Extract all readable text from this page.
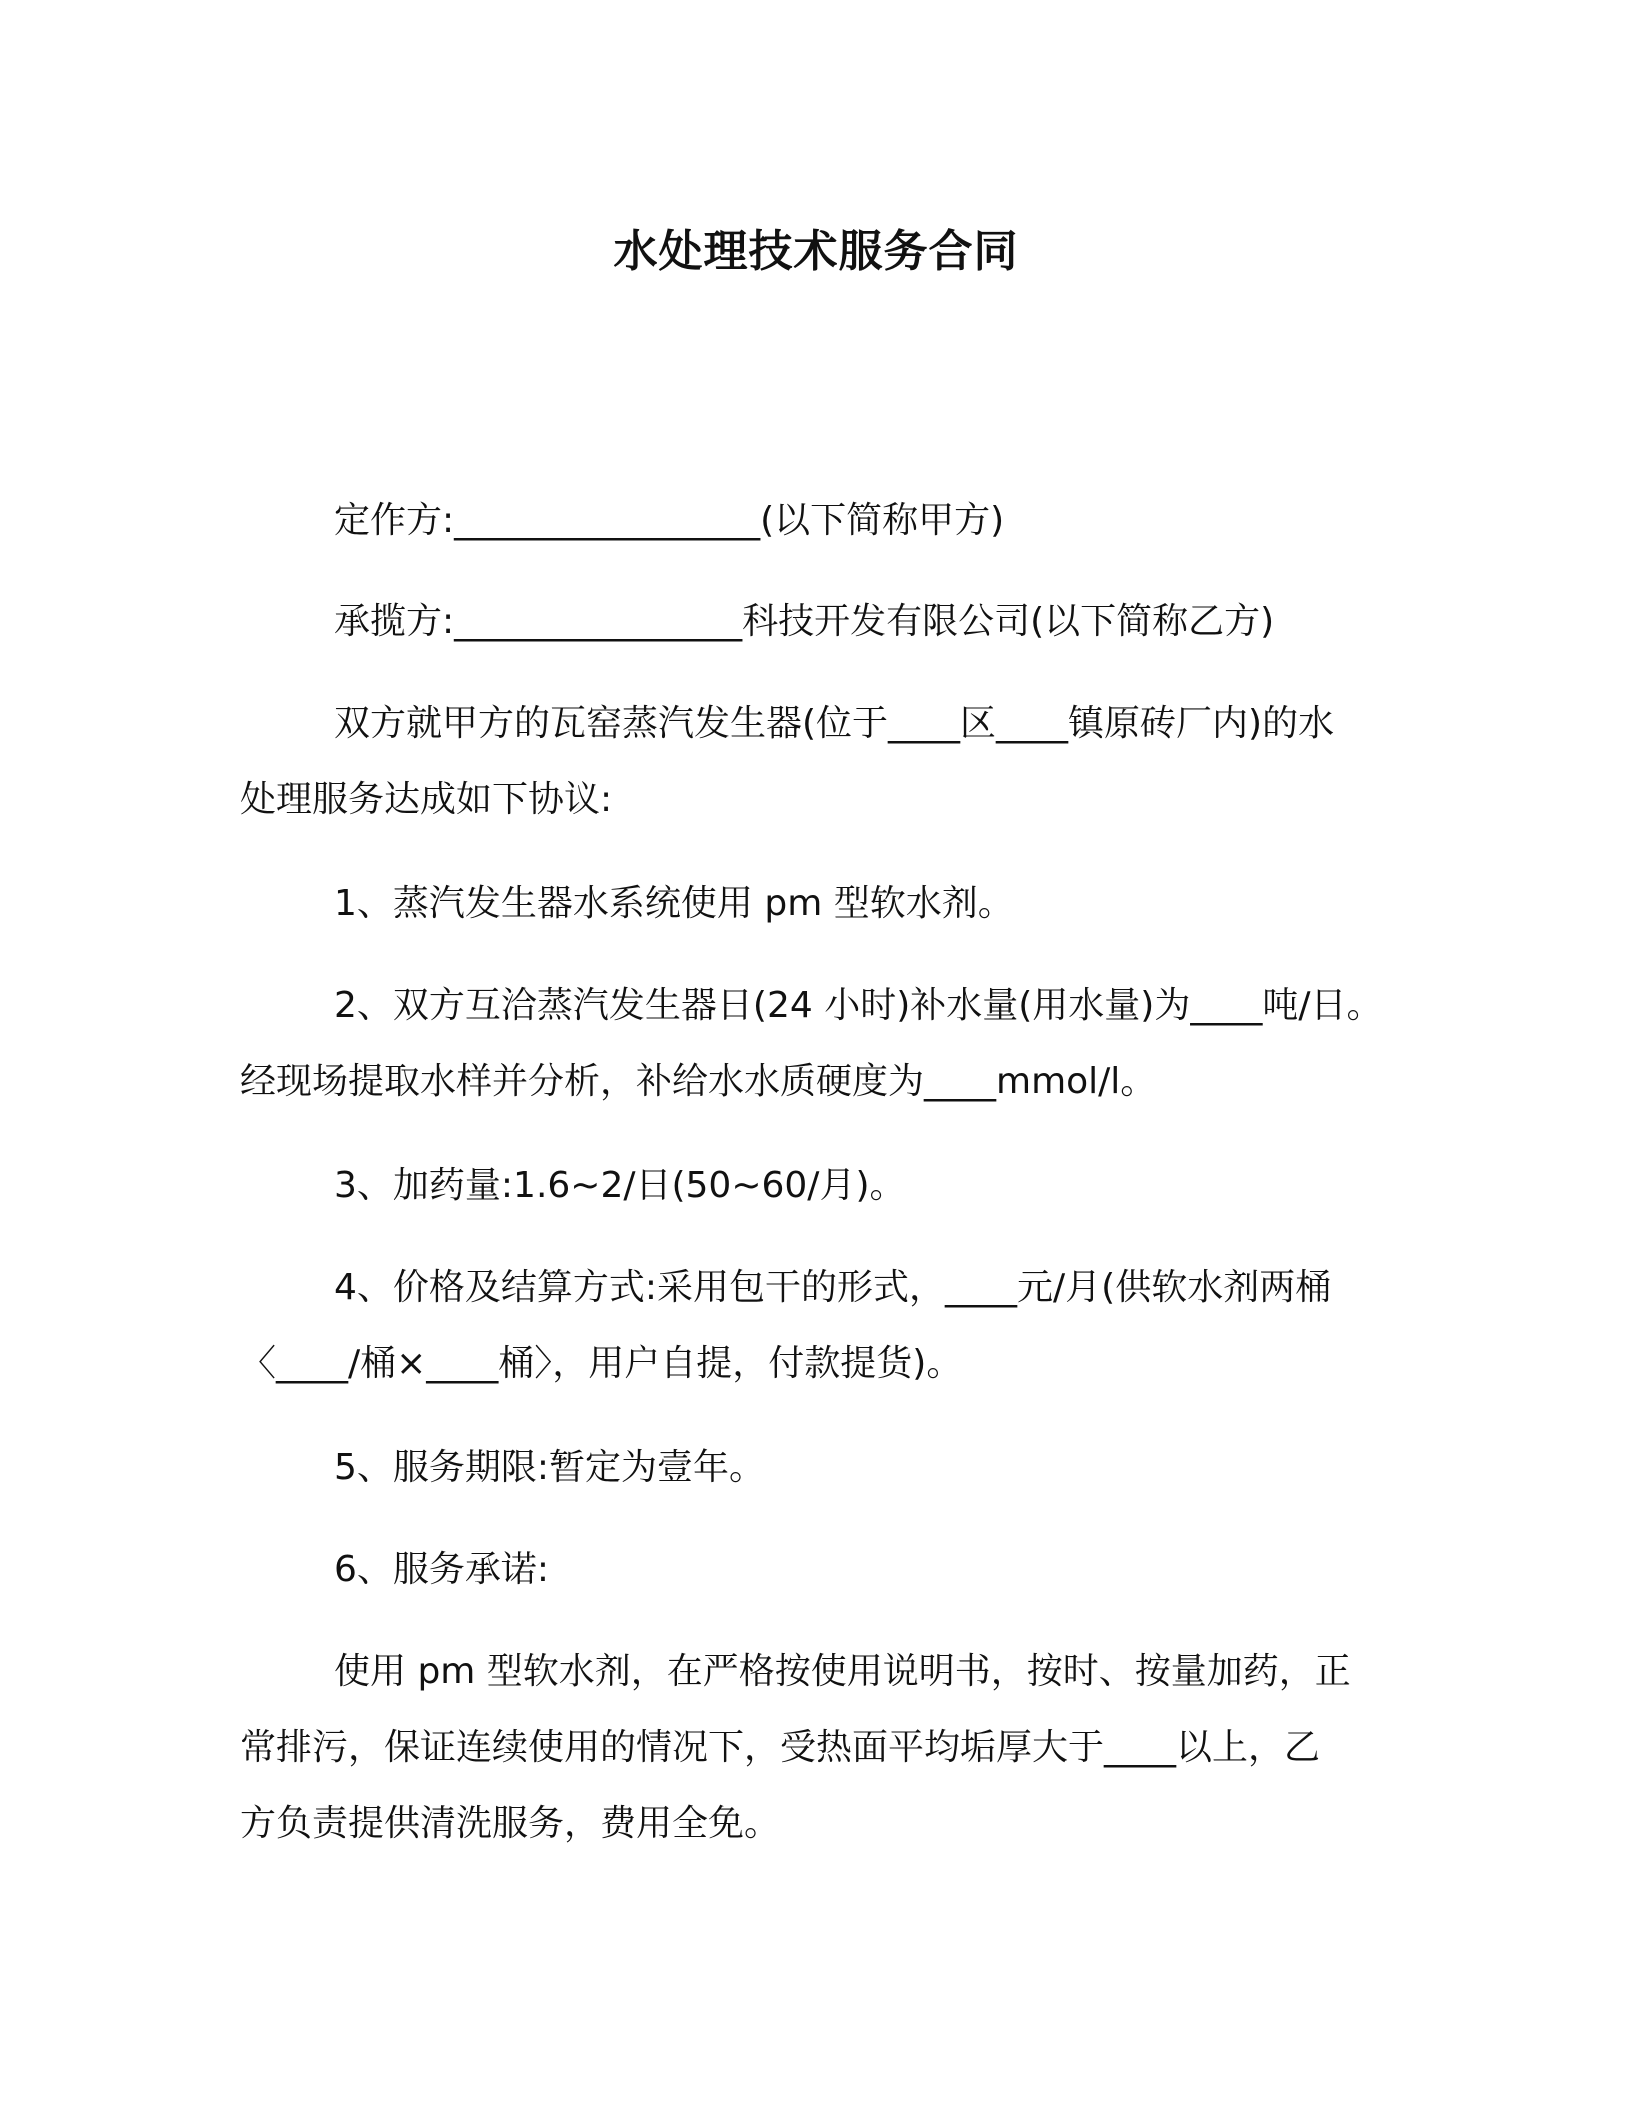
水处理技术服务合同
定作方:_________________(以下简称甲方)
承揽方:________________科技开发有限公司(以下简称乙方)
双方就甲方的瓦窑蒸汽发生器(位于____区____镇原砖厂内)的水
处理服务达成如下协议:
1、蒸汽发生器水系统使用 pm 型软水剂。
2、双方互洽蒸汽发生器日(24 小时)补水量(用水量)为____吨/日。
经现场提取水样并分析，补给水水质硬度为____mmol/l。
3、加药量:1.6~2/日(50~60/月)。
4、价格及结算方式:采用包干的形式，____元/月(供软水剂两桶
〈____/桶×____桶〉，用户自提，付款提货)。
5、服务期限:暂定为壹年。
6、服务承诺:
使用 pm 型软水剂，在严格按使用说明书，按时、按量加药，正
常排污，保证连续使用的情况下，受热面平均垢厚大于____以上，乙
方负责提供清洗服务，费用全免。
